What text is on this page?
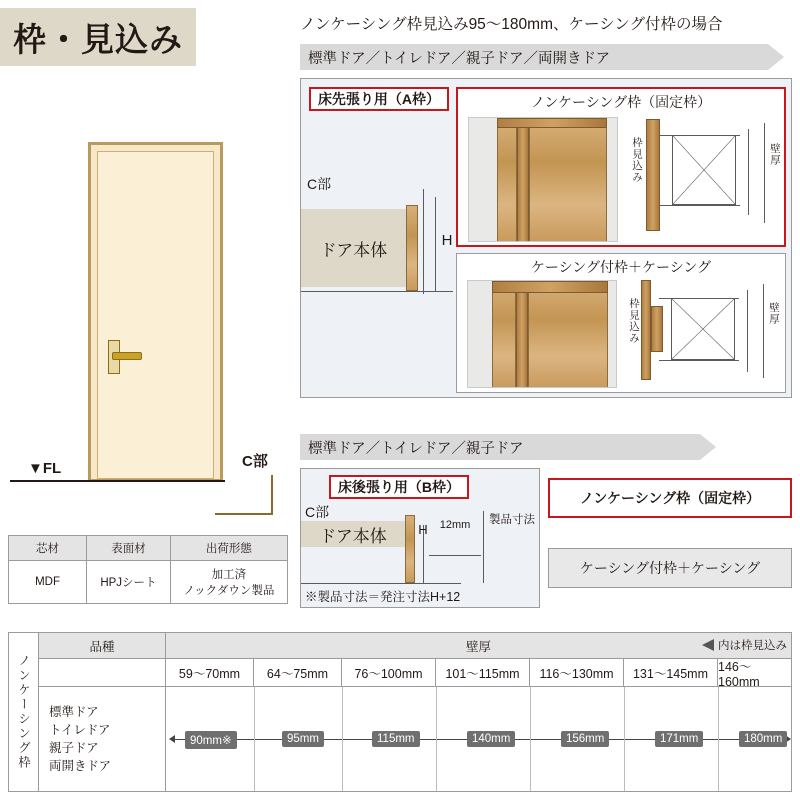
枠・見込み	ノンケーシング枠見込み95〜180mm、ケーシング付枠の場合
標準ドア／トイレドア／親子ドア／両開きドア
床先張り用（A枠）
C部
ドア本体
H
ノンケーシング枠（固定枠）
枠見込み	壁厚
ケーシング付枠＋ケーシング
枠見込み	壁厚
標準ドア／トイレドア／親子ドア
床後張り用（B枠）
C部
ドア本体 H 12mm 製品寸法
※製品寸法＝発注寸法H+12
ノンケーシング枠（固定枠）
ケーシング付枠＋ケーシング
▼FL	C部
芯材	表面材	出荷形態
MDF	HPJシート	加工済
ノックダウン製品
ノンケーシング枠
品種	壁厚	内は枠見込み
59〜70mm	64〜75mm	76〜100mm	101〜115mm	116〜130mm	131〜145mm 146〜160mm
標準ドア
トイレドア
親子ドア
両開きドア
90mm※	95mm	115mm	140mm	156mm	171mm	180mm
